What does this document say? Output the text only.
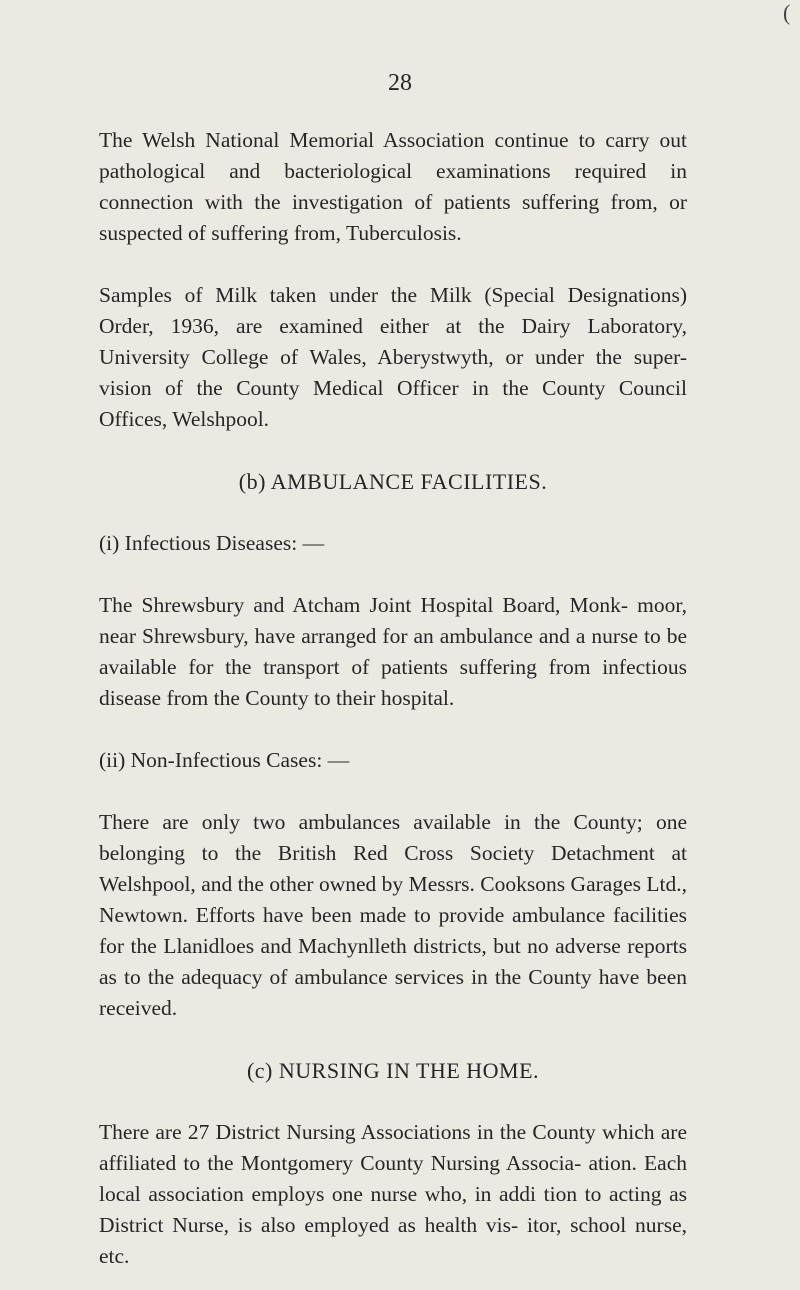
(
28

The Welsh National Memorial Association continue to carry out pathological and bacteriological examinations required in connection with the investigation of patients suffering from, or suspected of suffering from, Tuberculosis.

Samples of Milk taken under the Milk (Special Designations) Order, 1936, are examined either at the Dairy Laboratory, University College of Wales, Aberystwyth, or under the super- vision of the County Medical Officer in the County Council Offices, Welshpool.

(b) AMBULANCE FACILITIES.

(i) Infectious Diseases: —

The Shrewsbury and Atcham Joint Hospital Board, Monk- moor, near Shrewsbury, have arranged for an ambulance and a nurse to be available for the transport of patients suffering from infectious disease from the County to their hospital.

(ii) Non-Infectious Cases: —

There are only two ambulances available in the County; one belonging to the British Red Cross Society Detachment at Welshpool, and the other owned by Messrs. Cooksons Garages Ltd., Newtown. Efforts have been made to provide ambulance facilities for the Llanidloes and Machynlleth districts, but no adverse reports as to the adequacy of ambulance services in the County have been received.

(c) NURSING IN THE HOME.

There are 27 District Nursing Associations in the County which are affiliated to the Montgomery County Nursing Associa- ation. Each local association employs one nurse who, in addi tion to acting as District Nurse, is also employed as health vis- itor, school nurse, etc.
